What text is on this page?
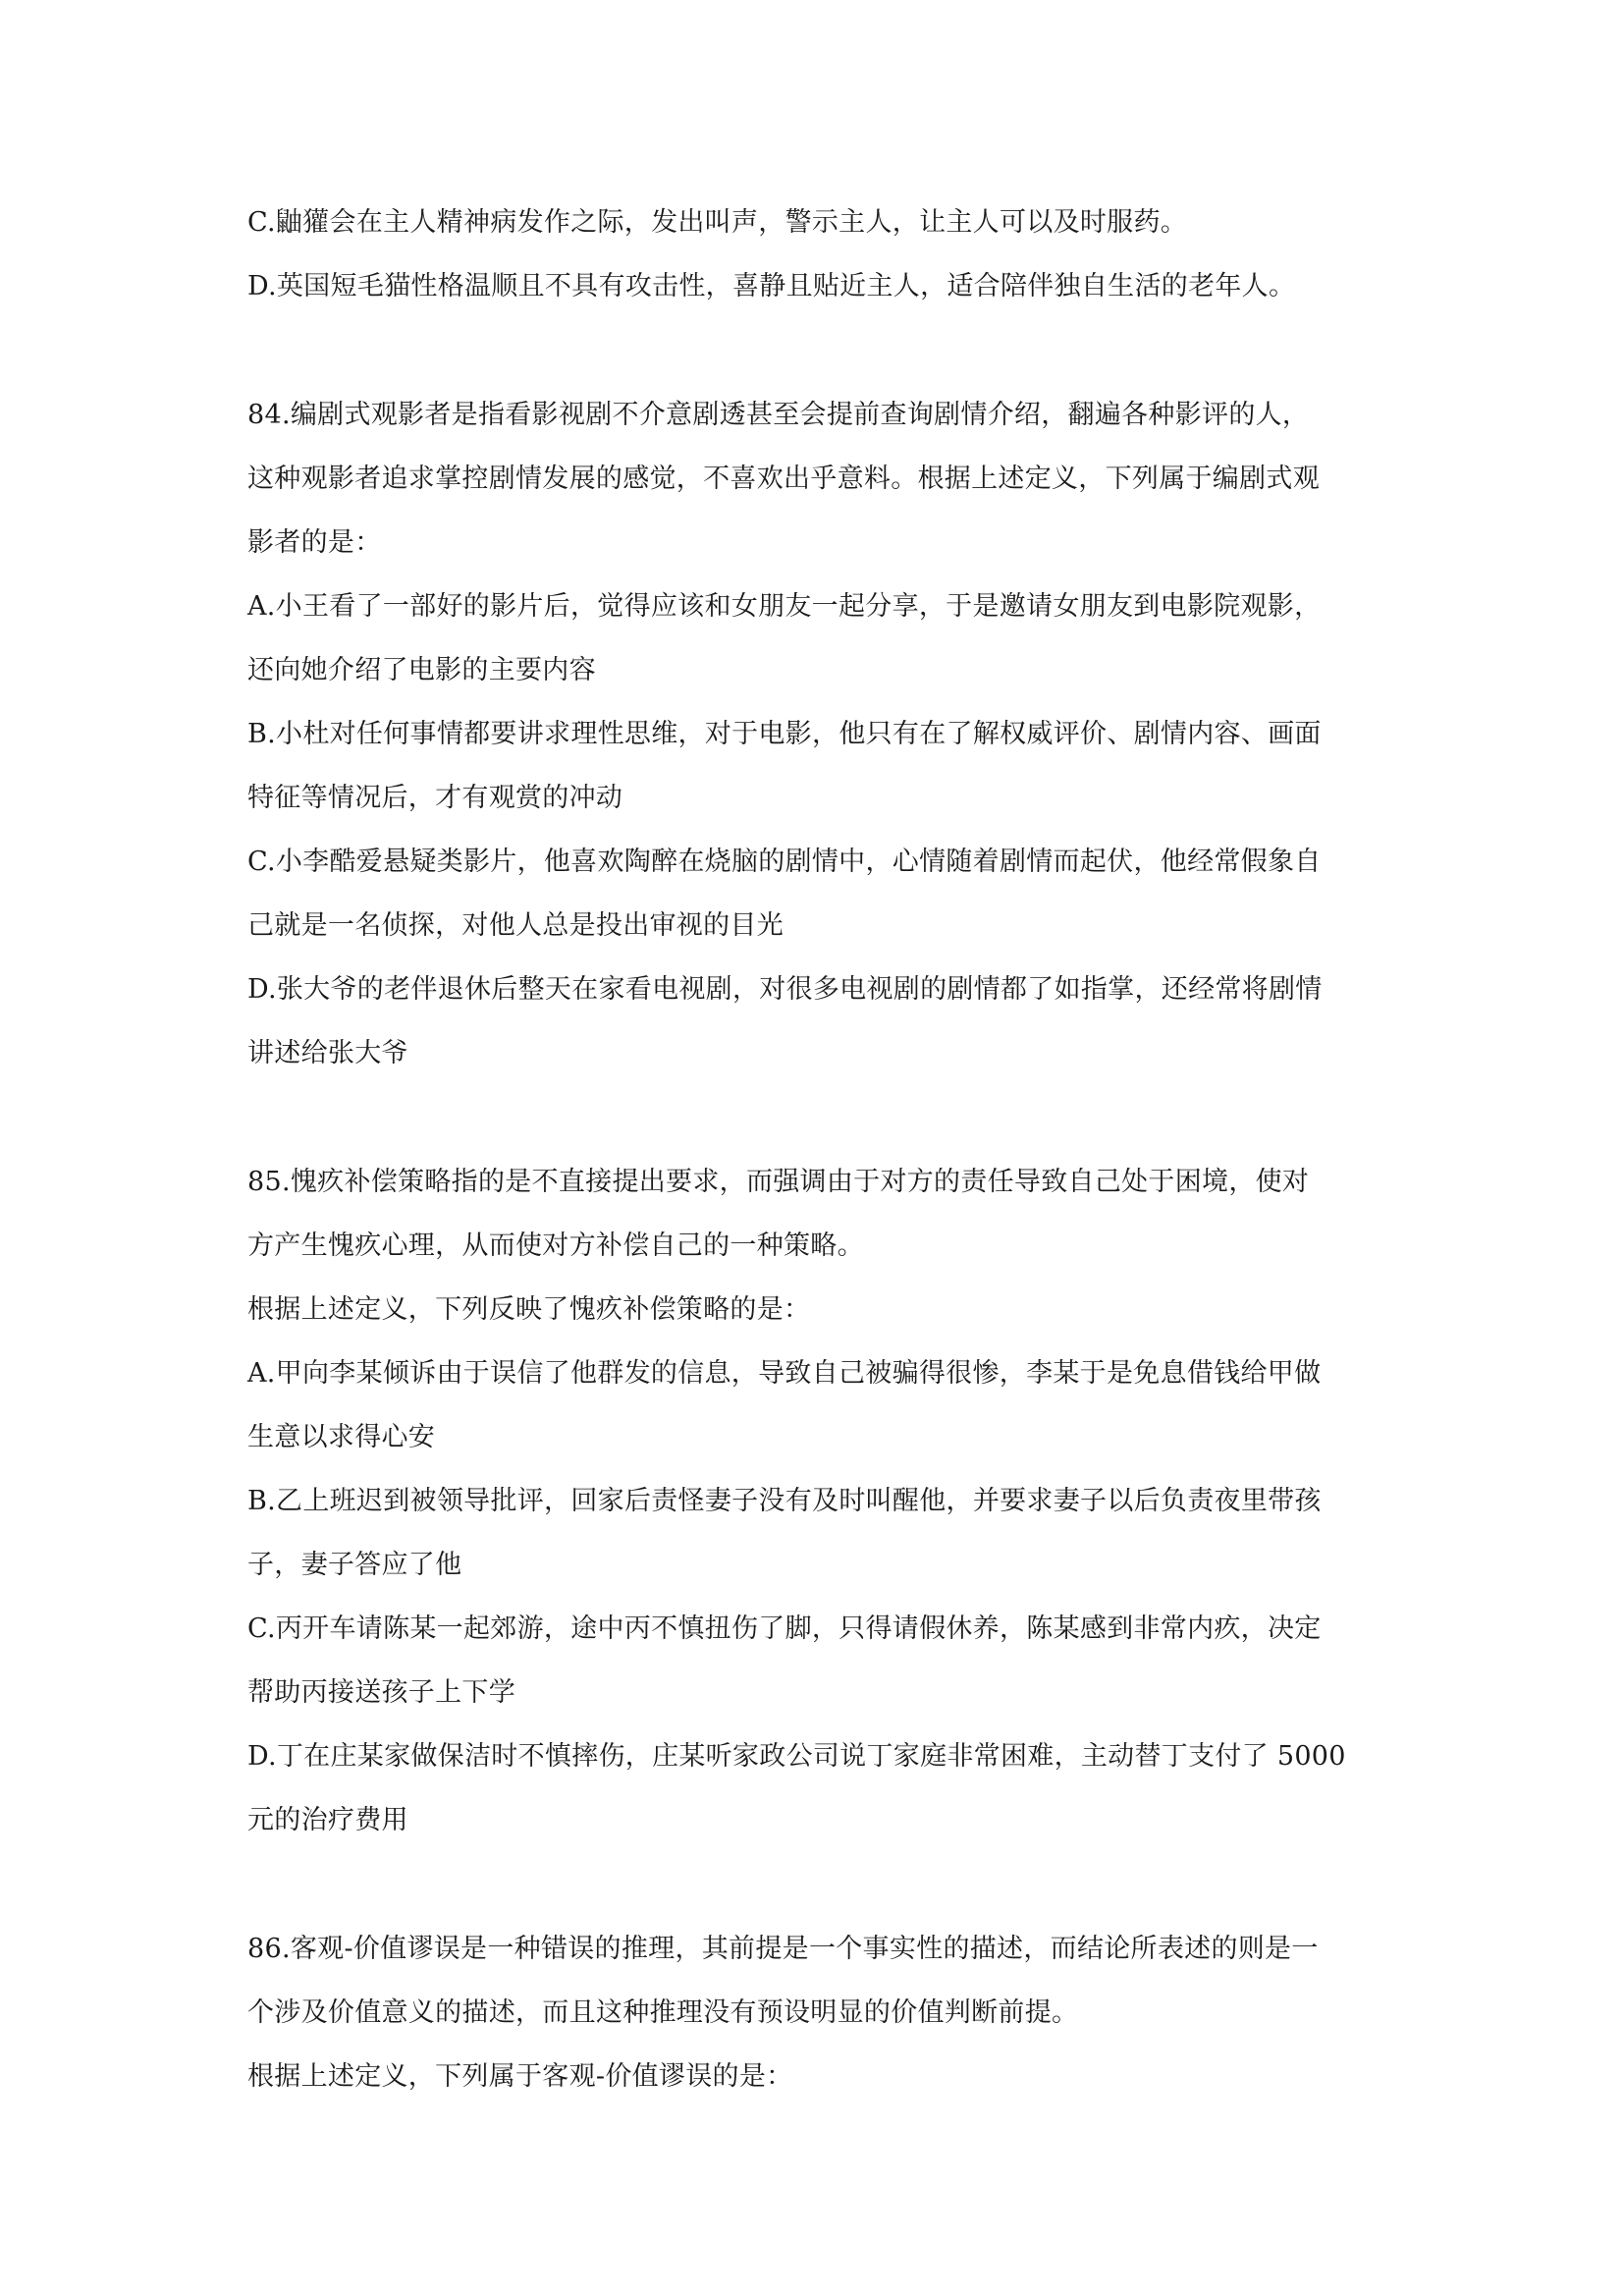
C.鼬獾会在主人精神病发作之际，发出叫声，警示主人，让主人可以及时服药。
D.英国短毛猫性格温顺且不具有攻击性，喜静且贴近主人，适合陪伴独自生活的老年人。
84.编剧式观影者是指看影视剧不介意剧透甚至会提前查询剧情介绍，翻遍各种影评的人，
这种观影者追求掌控剧情发展的感觉，不喜欢出乎意料。根据上述定义，下列属于编剧式观
影者的是：
A.小王看了一部好的影片后，觉得应该和女朋友一起分享，于是邀请女朋友到电影院观影，
还向她介绍了电影的主要内容
B.小杜对任何事情都要讲求理性思维，对于电影，他只有在了解权威评价、剧情内容、画面
特征等情况后，才有观赏的冲动
C.小李酷爱悬疑类影片，他喜欢陶醉在烧脑的剧情中，心情随着剧情而起伏，他经常假象自
己就是一名侦探，对他人总是投出审视的目光
D.张大爷的老伴退休后整天在家看电视剧，对很多电视剧的剧情都了如指掌，还经常将剧情
讲述给张大爷
85.愧疚补偿策略指的是不直接提出要求，而强调由于对方的责任导致自己处于困境，使对
方产生愧疚心理，从而使对方补偿自己的一种策略。
根据上述定义，下列反映了愧疚补偿策略的是：
A.甲向李某倾诉由于误信了他群发的信息，导致自己被骗得很惨，李某于是免息借钱给甲做
生意以求得心安
B.乙上班迟到被领导批评，回家后责怪妻子没有及时叫醒他，并要求妻子以后负责夜里带孩
子，妻子答应了他
C.丙开车请陈某一起郊游，途中丙不慎扭伤了脚，只得请假休养，陈某感到非常内疚，决定
帮助丙接送孩子上下学
D.丁在庄某家做保洁时不慎摔伤，庄某听家政公司说丁家庭非常困难，主动替丁支付了 5000
元的治疗费用
86.客观-价值谬误是一种错误的推理，其前提是一个事实性的描述，而结论所表述的则是一
个涉及价值意义的描述，而且这种推理没有预设明显的价值判断前提。
根据上述定义，下列属于客观-价值谬误的是：
